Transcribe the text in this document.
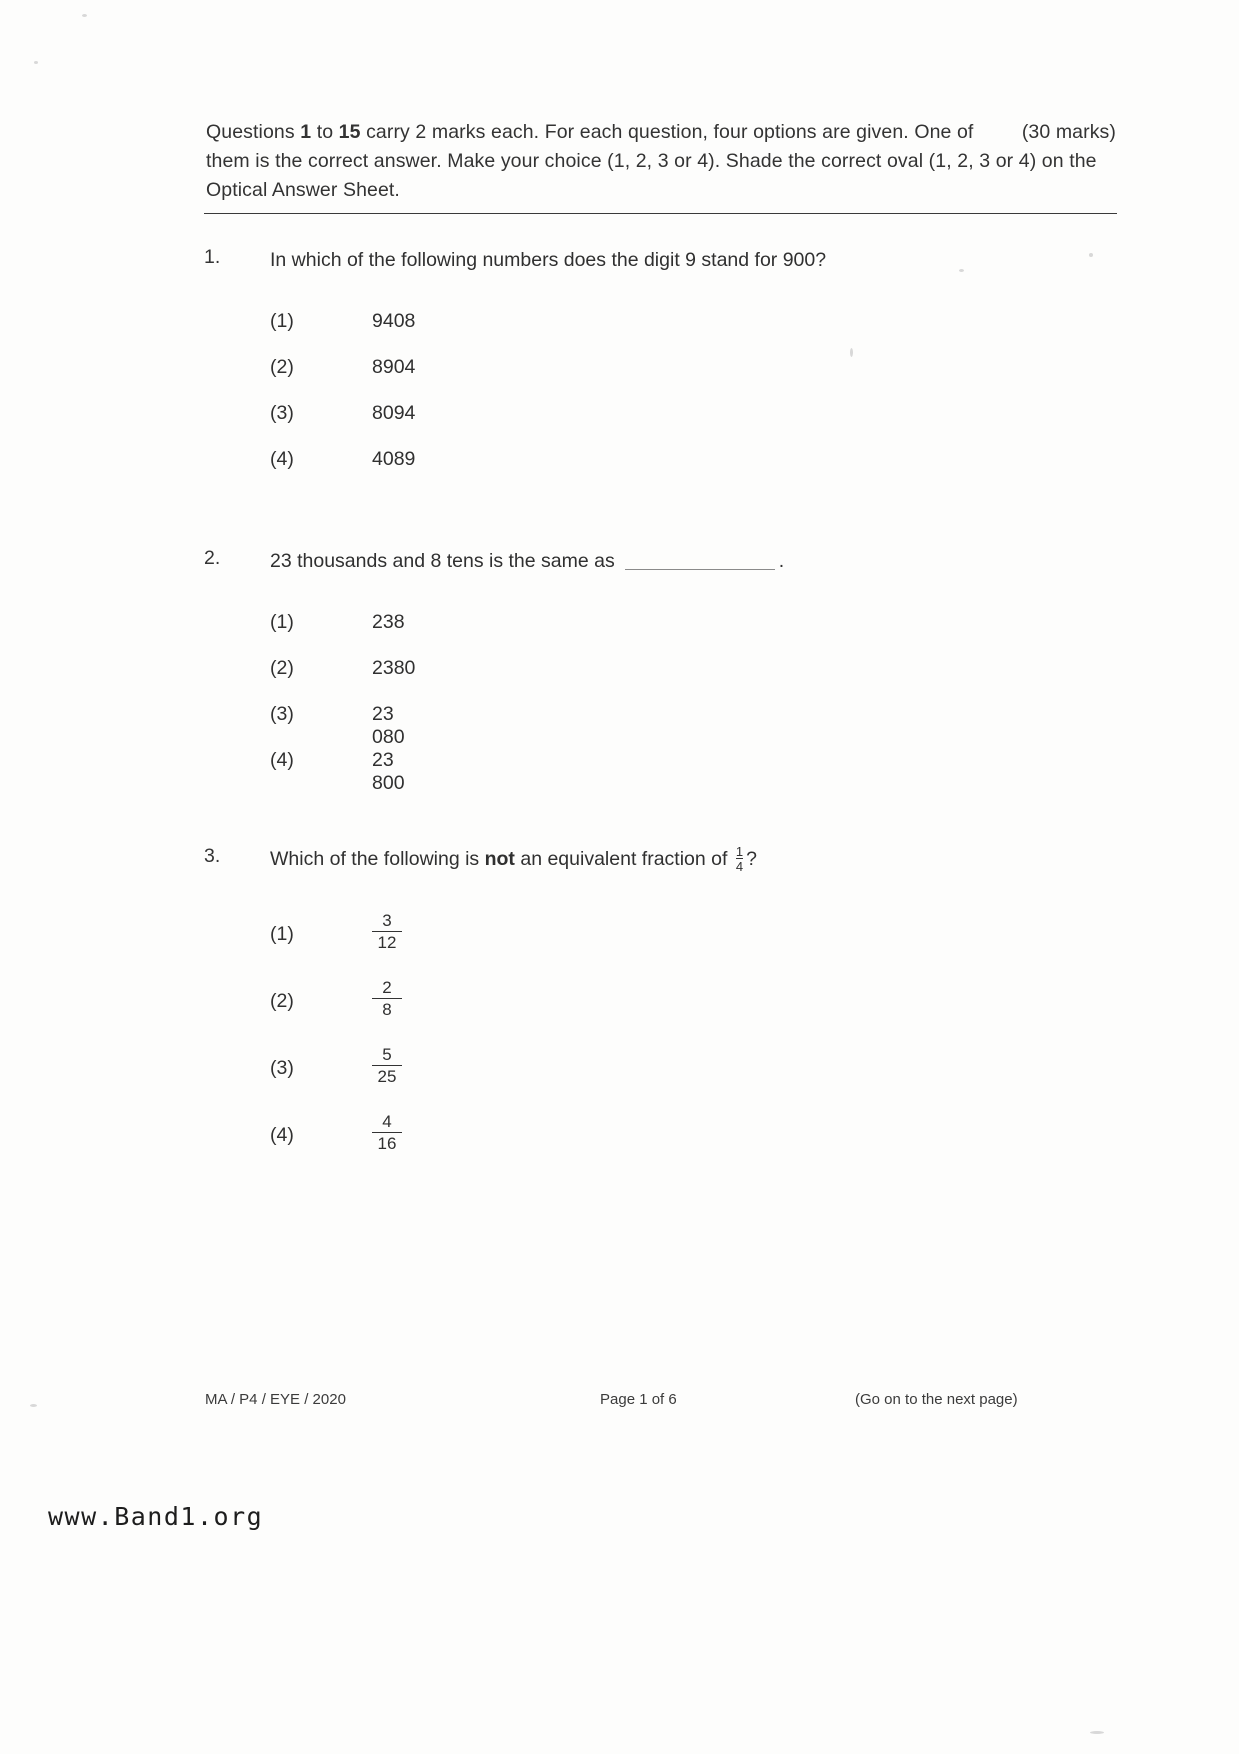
(30 marks)
Questions 1 to 15 carry 2 marks each. For each question, four options are given. One of them is the correct answer. Make your choice (1, 2, 3 or 4). Shade the correct oval (1, 2, 3 or 4) on the Optical Answer Sheet.
1.	In which of the following numbers does the digit 9 stand for 900?
(1)	9408
(2)	8904
(3)	8094
(4)	4089
2.	23 thousands and 8 tens is the same as	.
(1)	238
(2)	2380
(3)	23 080
(4)	23 800
3.	Which of the following is not an equivalent fraction of $\frac{1}{4}$ ?
(1)	$\frac{3}{12}$
(2)	$\frac{2}{8}$
(3)	$\frac{5}{25}$
(4)	$\frac{4}{16}$
MA / P4 / EYE / 2020	Page 1 of 6	(Go on to the next page)
www.Band1.org
